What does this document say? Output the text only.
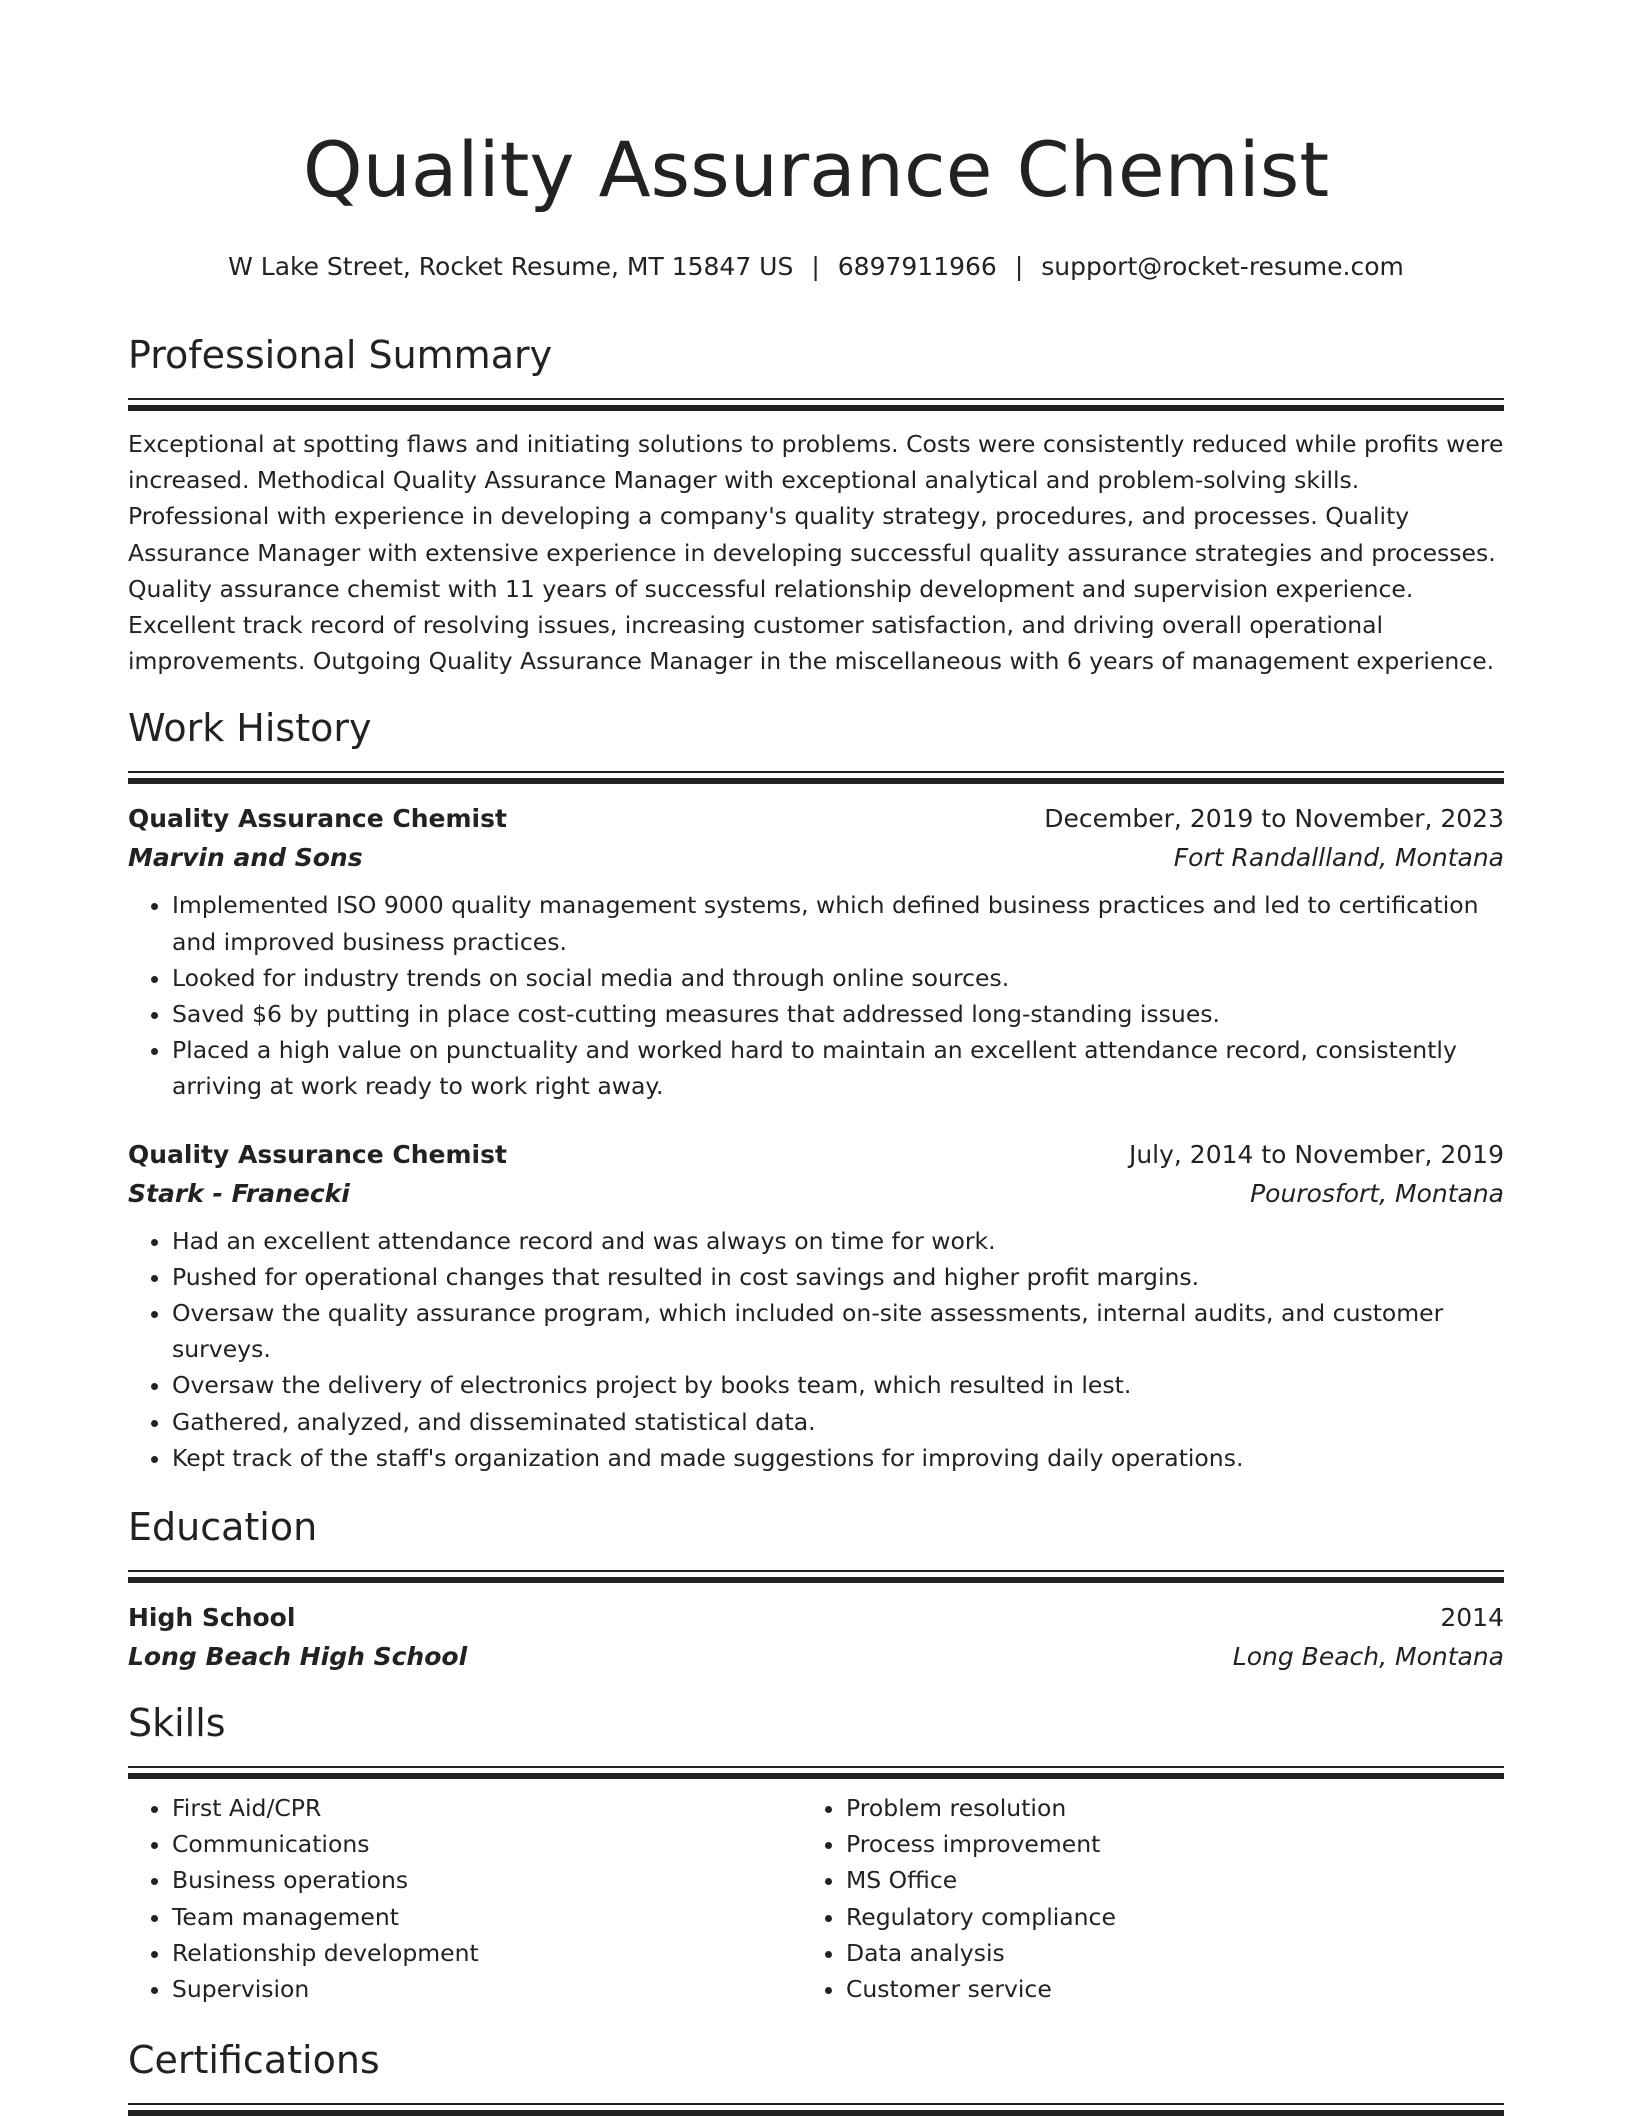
Quality Assurance Chemist
W Lake Street, Rocket Resume, MT 15847 US | 6897911966 | support@rocket-resume.com
Professional Summary

Exceptional at spotting flaws and initiating solutions to problems. Costs were consistently reduced while profits were increased. Methodical Quality Assurance Manager with exceptional analytical and problem-solving skills. Professional with experience in developing a company's quality strategy, procedures, and processes. Quality Assurance Manager with extensive experience in developing successful quality assurance strategies and processes. Quality assurance chemist with 11 years of successful relationship development and supervision experience. Excellent track record of resolving issues, increasing customer satisfaction, and driving overall operational improvements. Outgoing Quality Assurance Manager in the miscellaneous with 6 years of management experience.

Work History
Quality Assurance Chemist	December, 2019 to November, 2023
Marvin and Sons	Fort Randallland, Montana
• Implemented ISO 9000 quality management systems, which defined business practices and led to certification and improved business practices.
• Looked for industry trends on social media and through online sources.
• Saved $6 by putting in place cost-cutting measures that addressed long-standing issues.
• Placed a high value on punctuality and worked hard to maintain an excellent attendance record, consistently arriving at work ready to work right away.
Quality Assurance Chemist	July, 2014 to November, 2019
Stark - Franecki	Pourosfort, Montana
• Had an excellent attendance record and was always on time for work.
• Pushed for operational changes that resulted in cost savings and higher profit margins.
• Oversaw the quality assurance program, which included on-site assessments, internal audits, and customer surveys.
• Oversaw the delivery of electronics project by books team, which resulted in lest.
• Gathered, analyzed, and disseminated statistical data.
• Kept track of the staff's organization and made suggestions for improving daily operations.
Education
High School	2014
Long Beach High School	Long Beach, Montana
Skills
• First Aid/CPR
• Communications
• Business operations
• Team management
• Relationship development
• Supervision
• Problem resolution
• Process improvement
• MS Office
• Regulatory compliance
• Data analysis
• Customer service
Certifications
